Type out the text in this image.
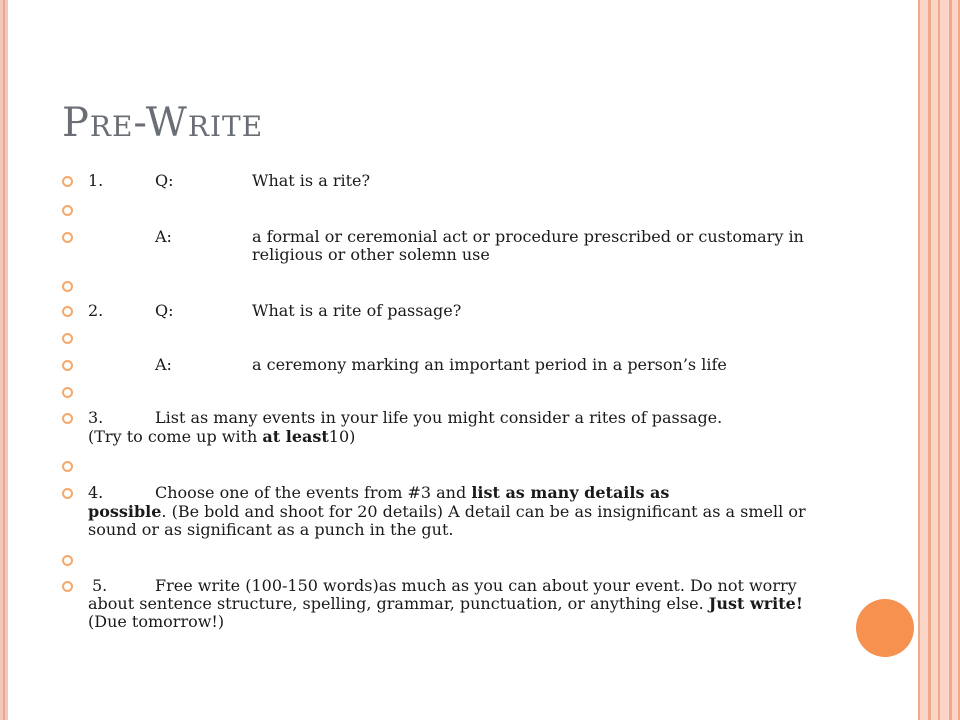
Pre-Write
1.	Q:	What is a rite?
A:	a formal or ceremonial act or procedure prescribed or customary in religious or other solemn use
2.	Q:	What is a rite of passage?
A:	a ceremony marking an important period in a person’s life
3.	List as many events in your life you might consider a rites of passage.
(Try to come up with at least10)
4.	Choose one of the events from #3 and list as many details as
possible. (Be bold and shoot for 20 details) A detail can be as insignificant as a smell or sound or as significant as a punch in the gut.
5.	Free write (100-150 words)as much as you can about your event. Do not worry about sentence structure, spelling, grammar, punctuation, or anything else. Just write! (Due tomorrow!)
